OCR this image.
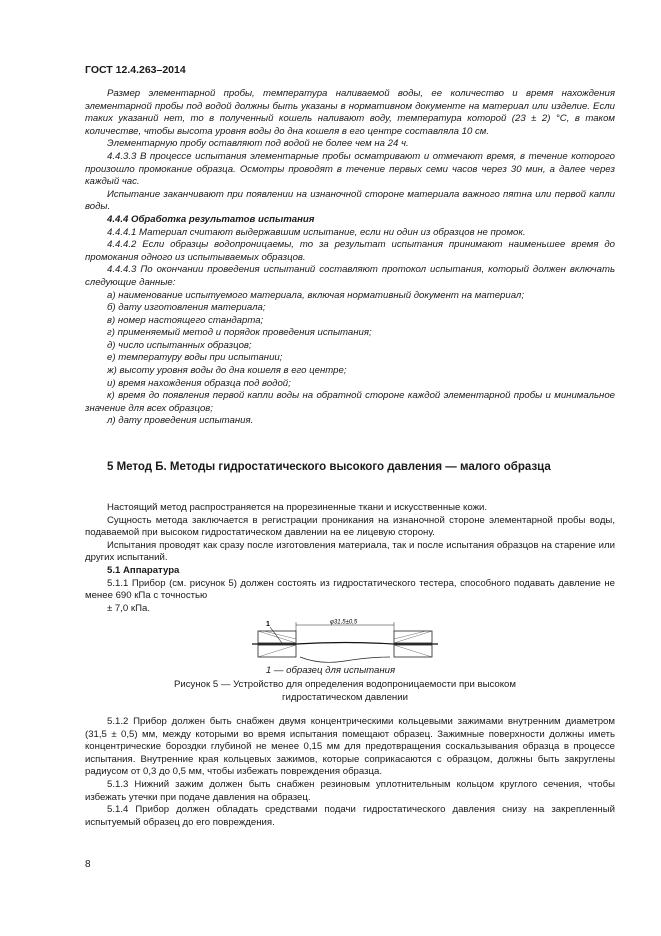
ГОСТ 12.4.263–2014

Размер элементарной пробы, температура наливаемой воды, ее количество и время нахождения элементарной пробы под водой должны быть указаны в нормативном документе на материал или изделие. Если таких указаний нет, то в полученный кошель наливают воду, температура которой (23 ± 2) °С, в таком количестве, чтобы высота уровня воды до дна кошеля в его центре составляла 10 см.

Элементарную пробу оставляют под водой не более чем на 24 ч.

4.4.3.3 В процессе испытания элементарные пробы осматривают и отмечают время, в течение которого произошло промокание образца. Осмотры проводят в течение первых семи часов через 30 мин, а далее через каждый час.

Испытание заканчивают при появлении на изнаночной стороне материала важного пятна или первой капли воды.

4.4.4 Обработка результатов испытания

4.4.4.1 Материал считают выдержавшим испытание, если ни один из образцов не промок.

4.4.4.2 Если образцы водопроницаемы, то за результат испытания принимают наименьшее время до промокания одного из испытываемых образцов.

4.4.4.3 По окончании проведения испытаний составляют протокол испытания, который должен включать следующие данные:

а) наименование испытуемого материала, включая нормативный документ на материал;

б) дату изготовления материала;

в) номер настоящего стандарта;

г) применяемый метод и порядок проведения испытания;

д) число испытанных образцов;

е) температуру воды при испытании;

ж) высоту уровня воды до дна кошеля в его центре;

и) время нахождения образца под водой;

к) время до появления первой капли воды на обратной стороне каждой элементарной пробы и минимальное значение для всех образцов;

л) дату проведения испытания.

5 Метод Б. Методы гидростатического высокого давления — малого образца

Настоящий метод распространяется на прорезиненные ткани и искусственные кожи.

Сущность метода заключается в регистрации проникания на изнаночной стороне элементарной пробы воды, подаваемой при высоком гидростатическом давлении на ее лицевую сторону.

Испытания проводят как сразу после изготовления материала, так и после испытания образцов на старение или других испытаний.

5.1 Аппаратура

5.1.1 Прибор (см. рисунок 5) должен состоять из гидростатического тестера, способного подавать давление не менее 690 кПа с точностью

± 7,0 кПа.

φ31,5±0,5
1
1 — образец для испытания
Рисунок 5 — Устройство для определения водопроницаемости при высоком гидростатическом давлении

5.1.2 Прибор должен быть снабжен двумя концентрическими кольцевыми зажимами внутренним диаметром (31,5 ± 0,5) мм, между которыми во время испытания помещают образец. Зажимные поверхности должны иметь концентрические бороздки глубиной не менее 0,15 мм для предотвращения соскальзывания образца в процессе испытания. Внутренние края кольцевых зажимов, которые соприкасаются с образцом, должны быть закруглены радиусом от 0,3 до 0,5 мм, чтобы избежать повреждения образца.

5.1.3 Нижний зажим должен быть снабжен резиновым уплотнительным кольцом круглого сечения, чтобы избежать утечки при подаче давления на образец.

5.1.4 Прибор должен обладать средствами подачи гидростатического давления снизу на закрепленный испытуемый образец до его повреждения.

8
